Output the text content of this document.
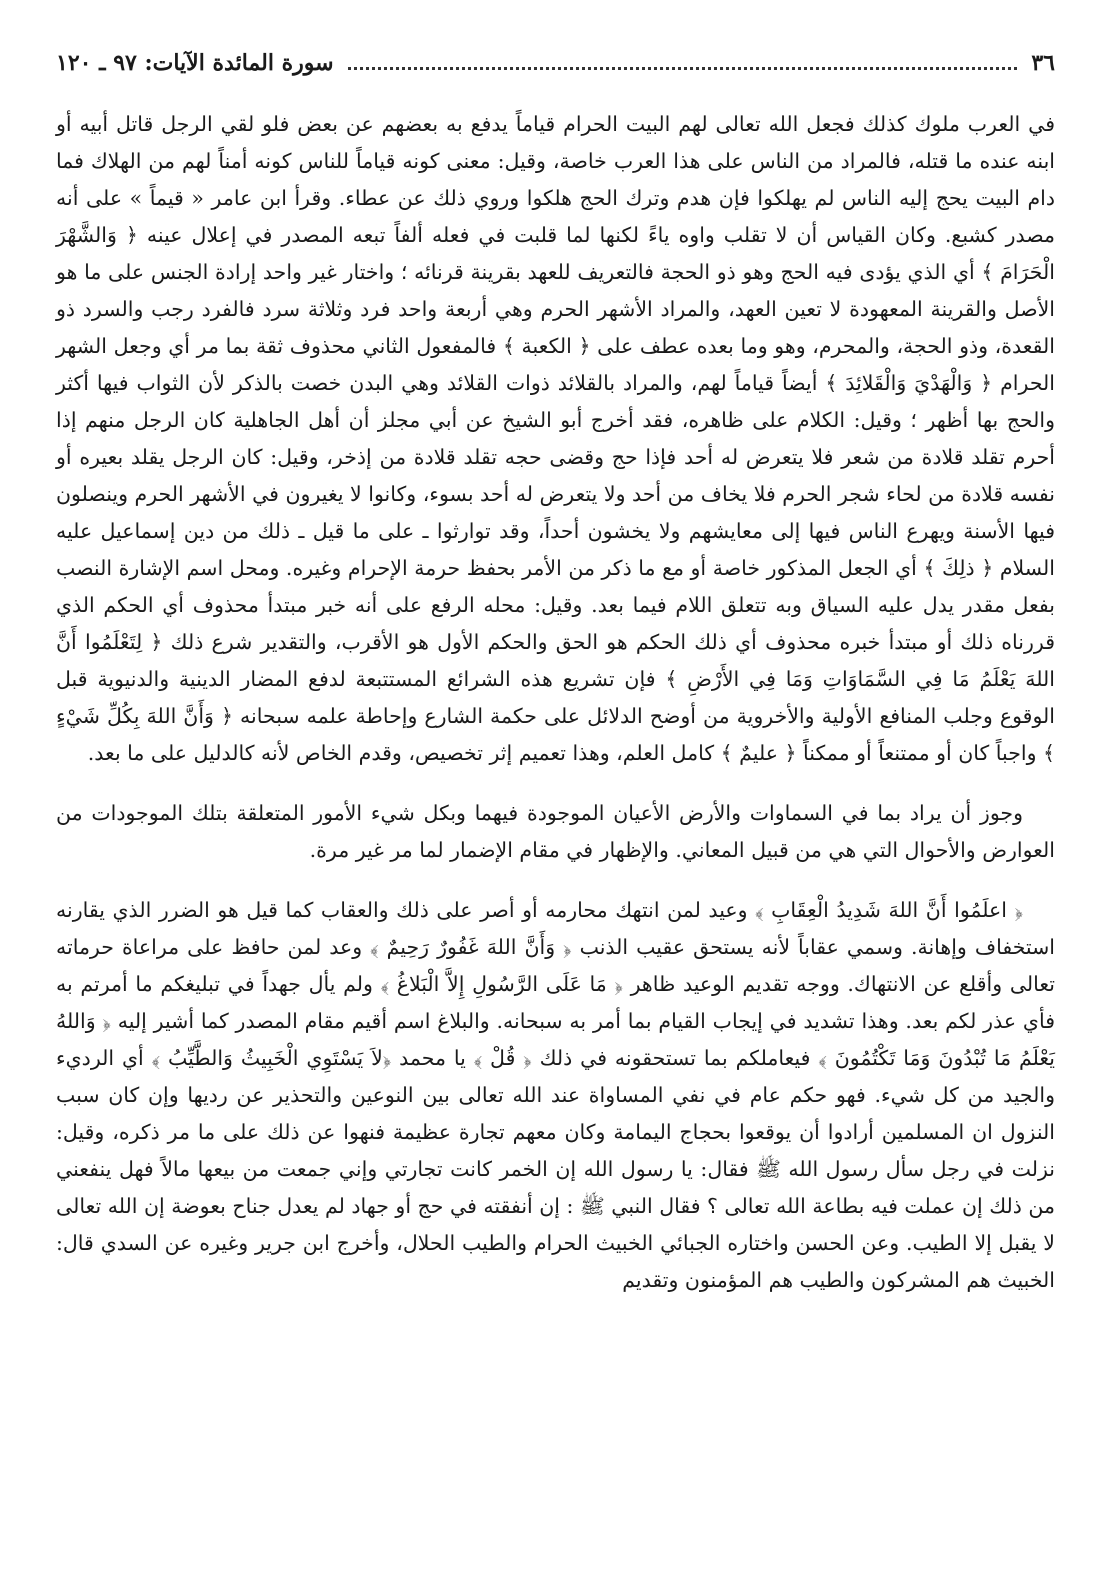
٣٦
سورة المائدة الآيات: ٩٧ ـ ١٢٠

في العرب ملوك كذلك فجعل الله تعالى لهم البيت الحرام قياماً يدفع به بعضهم عن بعض فلو لقي الرجل قاتل أبيه أو ابنه عنده ما قتله، فالمراد من الناس على هذا العرب خاصة، وقيل: معنى كونه قياماً للناس كونه أمناً لهم من الهلاك فما دام البيت يحج إليه الناس لم يهلكوا فإن هدم وترك الحج هلكوا وروي ذلك عن عطاء. وقرأ ابن عامر « قيماً » على أنه مصدر كشبع. وكان القياس أن لا تقلب واوه ياءً لكنها لما قلبت في فعله ألفاً تبعه المصدر في إعلال عينه ﴿ وَالشَّهْرَ الْحَرَامَ ﴾ أي الذي يؤدى فيه الحج وهو ذو الحجة فالتعريف للعهد بقرينة قرنائه ؛ واختار غير واحد إرادة الجنس على ما هو الأصل والقرينة المعهودة لا تعين العهد، والمراد الأشهر الحرم وهي أربعة واحد فرد وثلاثة سرد فالفرد رجب والسرد ذو القعدة، وذو الحجة، والمحرم، وهو وما بعده عطف على ﴿ الكعبة ﴾ فالمفعول الثاني محذوف ثقة بما مر أي وجعل الشهر الحرام ﴿ وَالْهَدْيَ وَالْقَلائِدَ ﴾ أيضاً قياماً لهم، والمراد بالقلائد ذوات القلائد وهي البدن خصت بالذكر لأن الثواب فيها أكثر والحج بها أظهر ؛ وقيل: الكلام على ظاهره، فقد أخرج أبو الشيخ عن أبي مجلز أن أهل الجاهلية كان الرجل منهم إذا أحرم تقلد قلادة من شعر فلا يتعرض له أحد فإذا حج وقضى حجه تقلد قلادة من إذخر، وقيل: كان الرجل يقلد بعيره أو نفسه قلادة من لحاء شجر الحرم فلا يخاف من أحد ولا يتعرض له أحد بسوء، وكانوا لا يغيرون في الأشهر الحرم وينصلون فيها الأسنة ويهرع الناس فيها إلى معايشهم ولا يخشون أحداً، وقد توارثوا ـ على ما قيل ـ ذلك من دين إسماعيل عليه السلام ﴿ ذلِكَ ﴾ أي الجعل المذكور خاصة أو مع ما ذكر من الأمر بحفظ حرمة الإحرام وغيره. ومحل اسم الإشارة النصب بفعل مقدر يدل عليه السياق وبه تتعلق اللام فيما بعد. وقيل: محله الرفع على أنه خبر مبتدأ محذوف أي الحكم الذي قررناه ذلك أو مبتدأ خبره محذوف أي ذلك الحكم هو الحق والحكم الأول هو الأقرب، والتقدير شرع ذلك ﴿ لِتَعْلَمُوا أَنَّ اللهَ يَعْلَمُ مَا فِي السَّمَاوَاتِ وَمَا فِي الأَرْضِ ﴾ فإن تشريع هذه الشرائع المستتبعة لدفع المضار الدينية والدنيوية قبل الوقوع وجلب المنافع الأولية والأخروية من أوضح الدلائل على حكمة الشارع وإحاطة علمه سبحانه ﴿ وَأَنَّ اللهَ بِكُلِّ شَيْءٍ ﴾ واجباً كان أو ممتنعاً أو ممكناً ﴿ عليمٌ ﴾ كامل العلم، وهذا تعميم إثر تخصيص، وقدم الخاص لأنه كالدليل على ما بعد.

وجوز أن يراد بما في السماوات والأرض الأعيان الموجودة فيهما وبكل شيء الأمور المتعلقة بتلك الموجودات من العوارض والأحوال التي هي من قبيل المعاني. والإظهار في مقام الإضمار لما مر غير مرة.

﴿ اعلَمُوا أَنَّ اللهَ شَدِيدُ الْعِقَابِ ﴾ وعيد لمن انتهك محارمه أو أصر على ذلك والعقاب كما قيل هو الضرر الذي يقارنه استخفاف وإهانة. وسمي عقاباً لأنه يستحق عقيب الذنب ﴿ وَأَنَّ اللهَ غَفُورٌ رَحِيمٌ ﴾ وعد لمن حافظ على مراعاة حرماته تعالى وأقلع عن الانتهاك. ووجه تقديم الوعيد ظاهر ﴿ مَا عَلَى الرَّسُولِ إِلاَّ الْبَلاغُ ﴾ ولم يأل جهداً في تبليغكم ما أمرتم به فأي عذر لكم بعد. وهذا تشديد في إيجاب القيام بما أمر به سبحانه. والبلاغ اسم أقيم مقام المصدر كما أشير إليه ﴿ وَاللهُ يَعْلَمُ مَا تُبْدُونَ وَمَا تَكْتُمُونَ ﴾ فيعاملكم بما تستحقونه في ذلك ﴿ قُلْ ﴾ يا محمد ﴿لاَ يَسْتَوِي الْخَبِيثُ وَالطَّيِّبُ ﴾ أي الرديء والجيد من كل شيء. فهو حكم عام في نفي المساواة عند الله تعالى بين النوعين والتحذير عن رديها وإن كان سبب النزول ان المسلمين أرادوا أن يوقعوا بحجاج اليمامة وكان معهم تجارة عظيمة فنهوا عن ذلك على ما مر ذكره، وقيل: نزلت في رجل سأل رسول الله ﷺ فقال: يا رسول الله إن الخمر كانت تجارتي وإني جمعت من بيعها مالاً فهل ينفعني من ذلك إن عملت فيه بطاعة الله تعالى ؟ فقال النبي ﷺ : إن أنفقته في حج أو جهاد لم يعدل جناح بعوضة إن الله تعالى لا يقبل إلا الطيب. وعن الحسن واختاره الجبائي الخبيث الحرام والطيب الحلال، وأخرج ابن جرير وغيره عن السدي قال: الخبيث هم المشركون والطيب هم المؤمنون وتقديم
